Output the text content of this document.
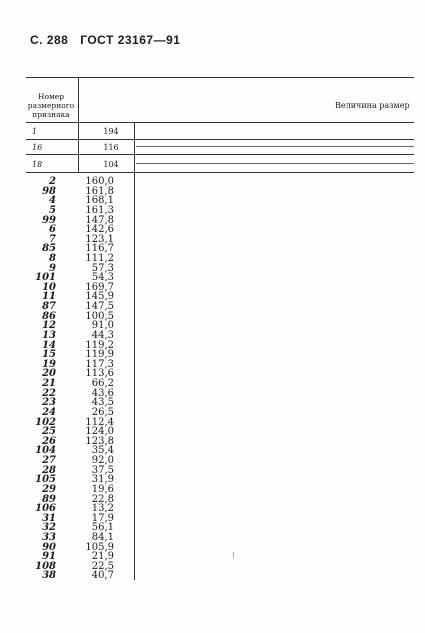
С. 288 ГОСТ 23167—91
Номер размерного признака
Величина размер
1	194
16	116
18	104
2	160,0
98	161,8
4	168,1
5	161,3
99	147,8
6	142,6
7	123,1
85	116,7
8	111,2
9	57,3
101	54,3
10	169,7
11	145,9
87	147,5
86	100,5
12	91,0
13	44,3
14	119,2
15	119,9
19	117,3
20	113,6
21	66,2
22	43,6
23	43,5
24	26,5
102	112,4
25	124,0
26	123,8
104	35,4
27	92,0
28	37,5
105	31,9
29	19,6
89	22,8
106	13,2
31	17,9
32	56,1
33	84,1
90	105,9
91	21,9
108	22,5
38	40,7
